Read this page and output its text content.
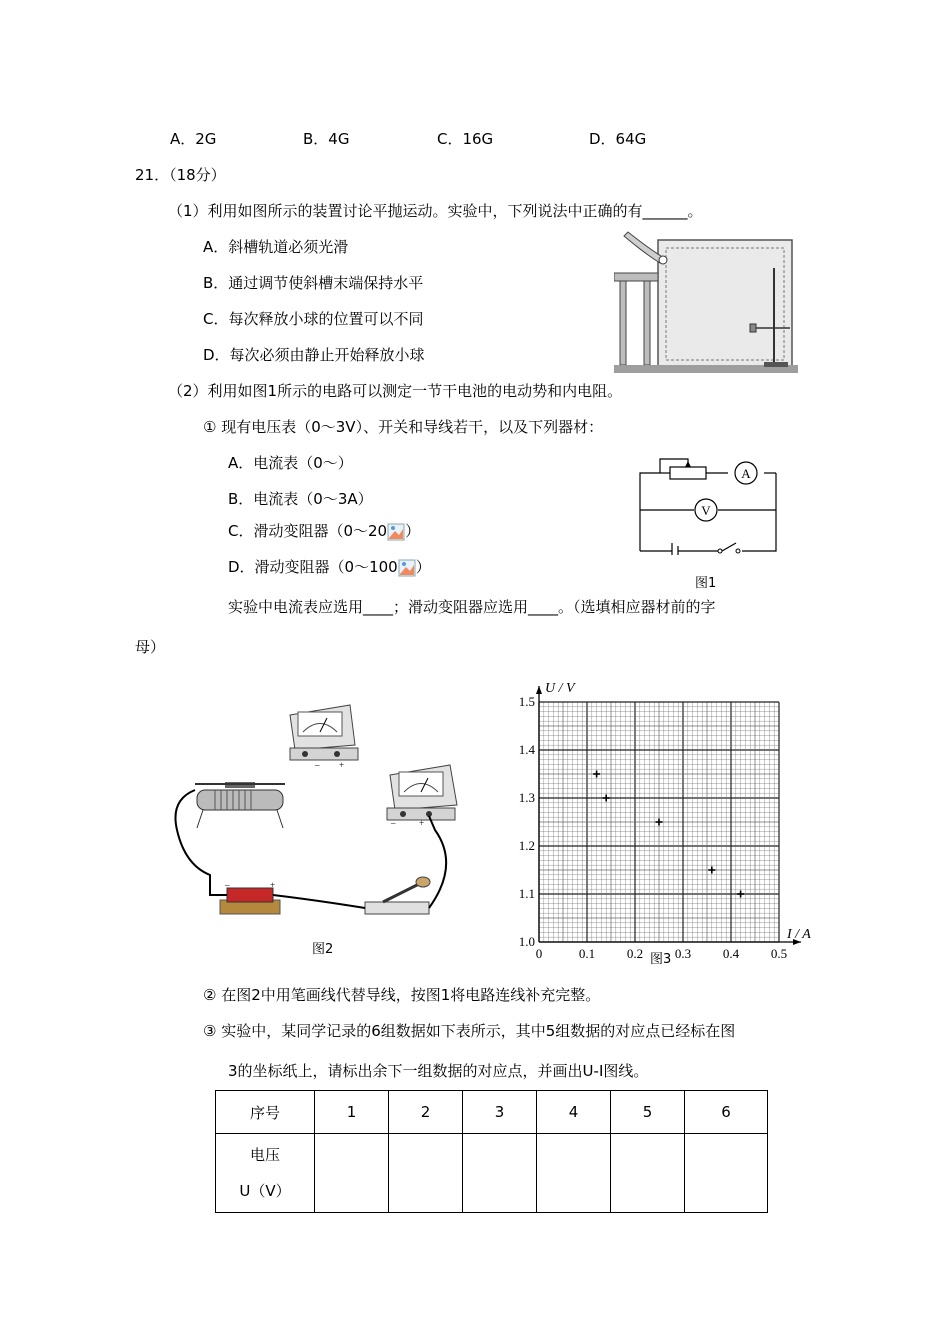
A．2G	B．4G	C．16G	D．64G
21．（18分）
（1）利用如图所示的装置讨论平抛运动。实验中，下列说法中正确的有______。
A．斜槽轨道必须光滑
B．通过调节使斜槽末端保持水平
C．每次释放小球的位置可以不同
D．每次必须由静止开始释放小球
（2）利用如图1所示的电路可以测定一节干电池的电动势和内电阻。
① 现有电压表（0～3V）、开关和导线若干，以及下列器材：
A．电流表（0～）
B．电流表（0～3A）
C．滑动变阻器（0～20 ）
D．滑动变阻器（0～100 ）
A
V
图1
实验中电流表应选用____；滑动变阻器应选用____。（选填相应器材前的字
母）
– +
–	+
–	+
图2	0	0.1 0.2 0.3 0.4 0.5
1.0
1.1
1.2
1.3
1.4
1.5
U / V
I / A
图3
② 在图2中用笔画线代替导线，按图1将电路连线补充完整。
③ 实验中，某同学记录的6组数据如下表所示，其中5组数据的对应点已经标在图
3的坐标纸上，请标出余下一组数据的对应点，并画出U-I图线。
序号	1	2	3	4	5	6

电压
U（V）						
